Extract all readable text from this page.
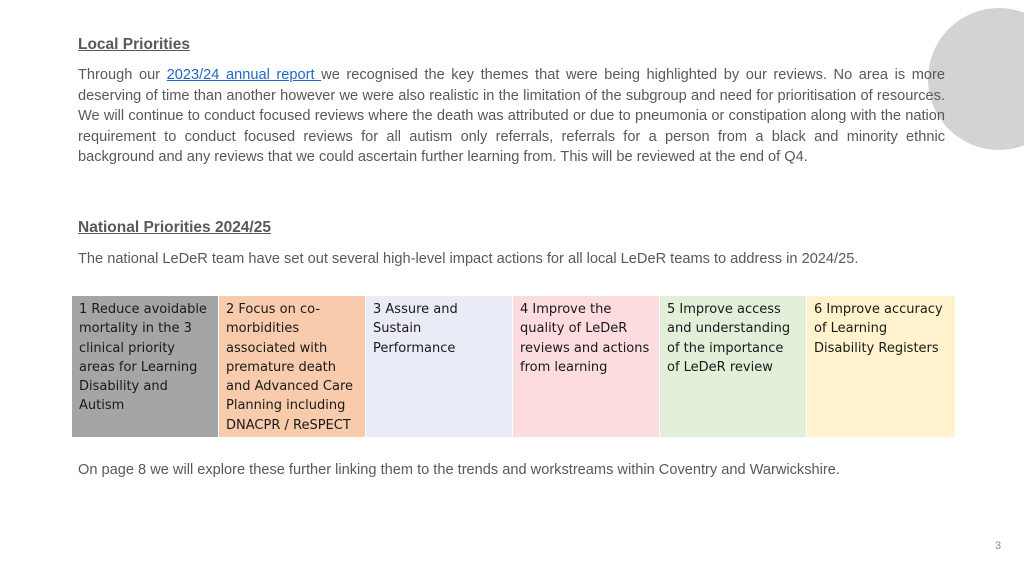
Local Priorities

Through our 2023/24 annual report we recognised the key themes that were being highlighted by our reviews. No area is more deserving of time than another however we were also realistic in the limitation of the subgroup and need for prioritisation of resources. We will continue to conduct focused reviews where the death was attributed or due to pneumonia or constipation along with the nation requirement to conduct focused reviews for all autism only referrals, referrals for a person from a black and minority ethnic background and any reviews that we could ascertain further learning from. This will be reviewed at the end of Q4.

National Priorities 2024/25

The national LeDeR team have set out several high-level impact actions for all local LeDeR teams to address in 2024/25.

1 Reduce avoidable mortality in the 3 clinical priority areas for Learning Disability and Autism
2 Focus on co-morbidities associated with premature death and Advanced Care Planning including DNACPR / ReSPECT
3 Assure and Sustain Performance
4 Improve the quality of LeDeR reviews and actions from learning
5 Improve access and understanding of the importance of LeDeR review
6 Improve accuracy of Learning Disability Registers

On page 8 we will explore these further linking them to the trends and workstreams within Coventry and Warwickshire.

3
